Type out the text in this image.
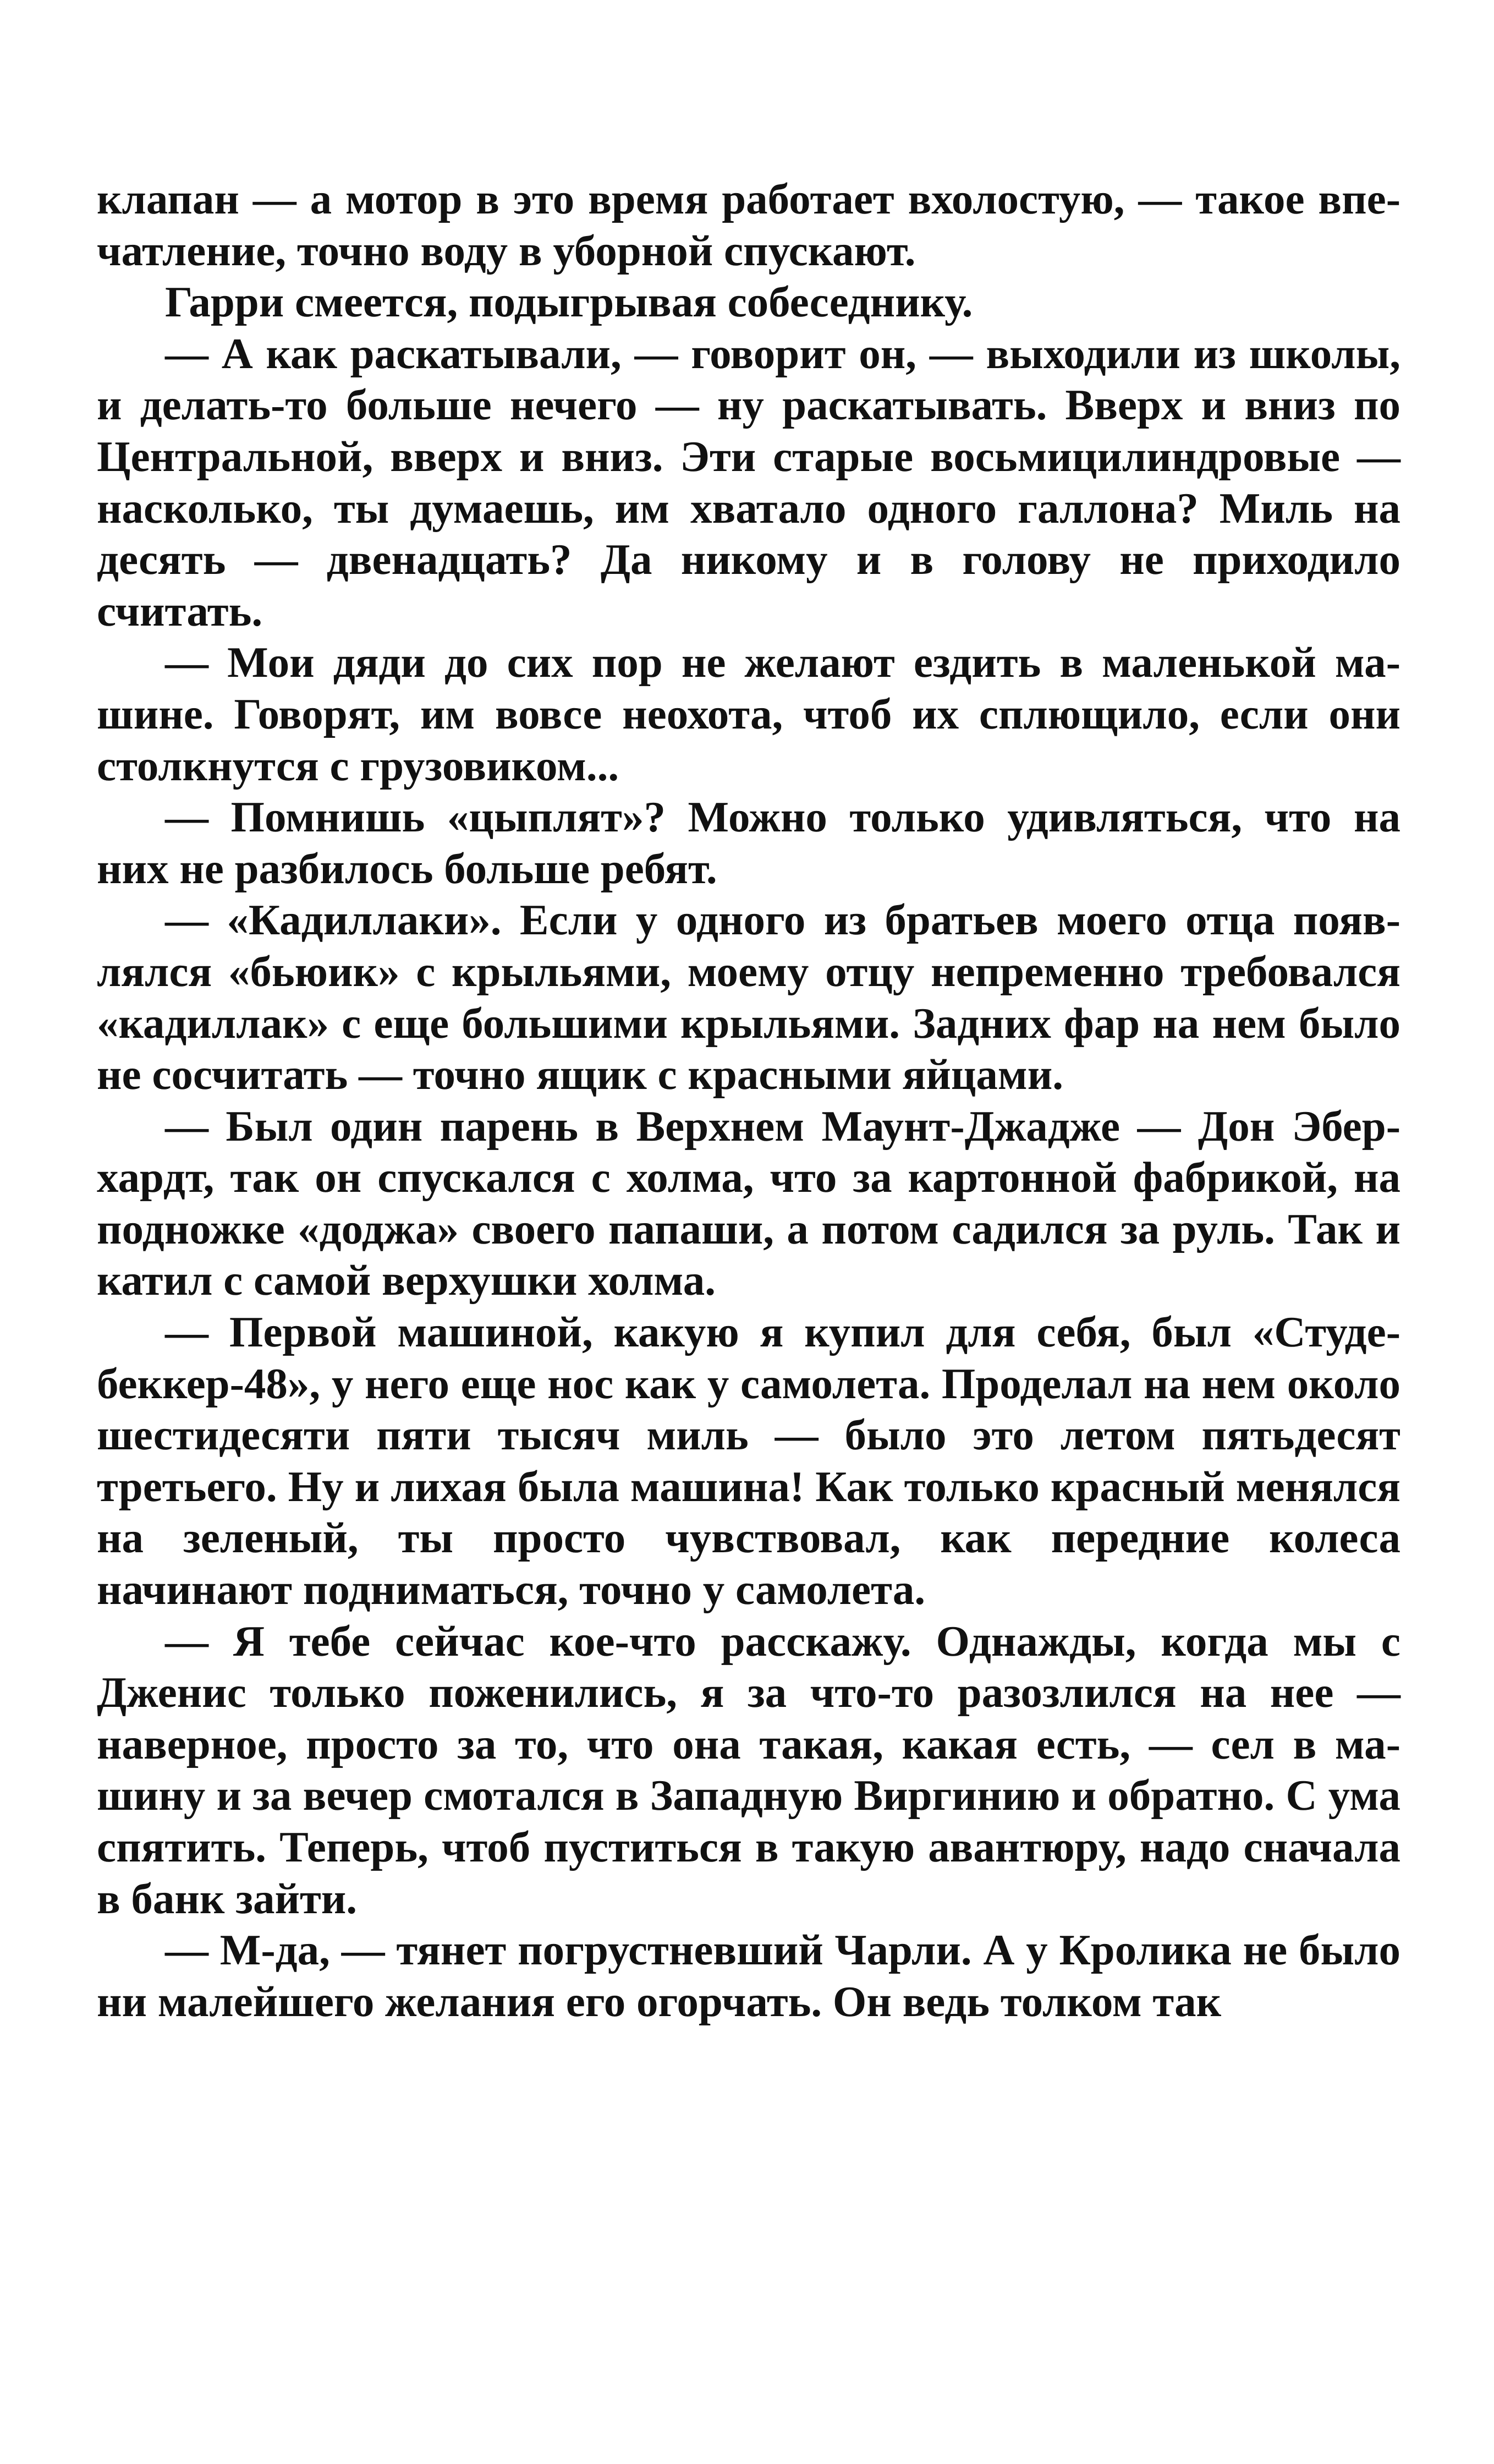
клапан — а мотор в это время работает вхолостую, — такое впечатление, точно воду в уборной спускают.

Гарри смеется, подыгрывая собеседнику.

— А как раскатывали, — говорит он, — выходили из школы, и делать-то больше нечего — ну раскатывать. Вверх и вниз по Центральной, вверх и вниз. Эти старые восьмицилиндровые — насколько, ты думаешь, им хватало одного галлона? Миль на десять — двенадцать? Да никому и в голову не приходило считать.

— Мои дяди до сих пор не желают ездить в маленькой машине. Говорят, им вовсе неохота, чтоб их сплющило, если они столкнутся с грузовиком...

— Помнишь «цыплят»? Можно только удивляться, что на них не разбилось больше ребят.

— «Кадиллаки». Если у одного из братьев моего отца появлялся «бьюик» с крыльями, моему отцу непременно требовался «кадиллак» с еще большими крыльями. Задних фар на нем было не сосчитать — точно ящик с красными яйцами.

— Был один парень в Верхнем Маунт-Джадже — Дон Эберхардт, так он спускался с холма, что за картонной фабрикой, на подножке «доджа» своего папаши, а потом садился за руль. Так и катил с самой верхушки холма.

— Первой машиной, какую я купил для себя, был «Студебеккер-48», у него еще нос как у самолета. Проделал на нем около шестидесяти пяти тысяч миль — было это летом пятьдесят третьего. Ну и лихая была машина! Как только красный менялся на зеленый, ты просто чувствовал, как передние колеса начинают подниматься, точно у самолета.

— Я тебе сейчас кое-что расскажу. Однажды, когда мы с Дженис только поженились, я за что-то разозлился на нее — наверное, просто за то, что она такая, какая есть, — сел в машину и за вечер смотался в Западную Виргинию и обратно. С ума спятить. Теперь, чтоб пуститься в такую авантюру, надо сначала в банк зайти.

— М-да, — тянет погрустневший Чарли. А у Кролика не было ни малейшего желания его огорчать. Он ведь толком так
